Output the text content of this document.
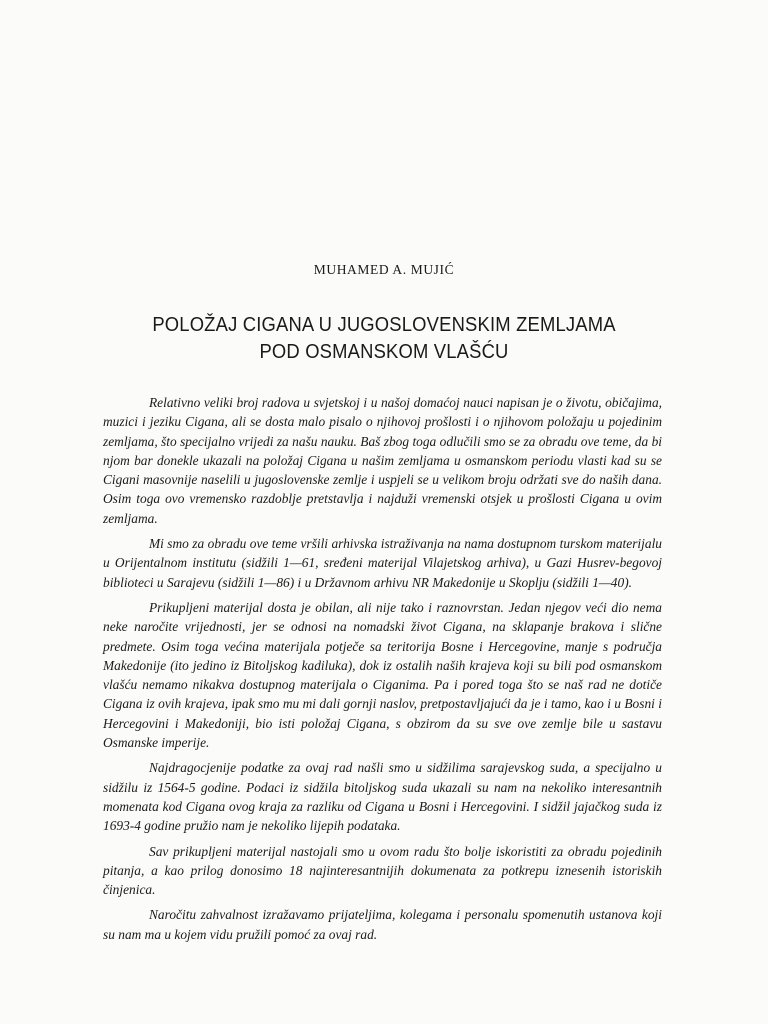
MUHAMED A. MUJIĆ
POLOŽAJ CIGANA U JUGOSLOVENSKIM ZEMLJAMA
POD OSMANSKOM VLAŠĆU

Relativno veliki broj radova u svjetskoj i u našoj domaćoj nauci napisan je o životu, običajima, muzici i jeziku Cigana, ali se dosta malo pisalo o njihovoj prošlosti i o njihovom položaju u pojedinim zemljama, što specijalno vrijedi za našu nauku. Baš zbog toga odlučili smo se za obradu ove teme, da bi njom bar donekle ukazali na položaj Cigana u našim zemljama u osmanskom periodu vlasti kad su se Cigani masovnije naselili u jugoslovenske zemlje i uspjeli se u velikom broju održati sve do naših dana. Osim toga ovo vremensko razdoblje pretstavlja i najduži vremenski otsjek u prošlosti Cigana u ovim zemljama.

Mi smo za obradu ove teme vršili arhivska istraživanja na nama dostupnom turskom materijalu u Orijentalnom institutu (sidžili 1—61, sređeni materijal Vilajetskog arhiva), u Gazi Husrev-begovoj biblioteci u Sarajevu (sidžili 1—86) i u Državnom arhivu NR Makedonije u Skoplju (sidžili 1—40).

Prikupljeni materijal dosta je obilan, ali nije tako i raznovrstan. Jedan njegov veći dio nema neke naročite vrijednosti, jer se odnosi na nomadski život Cigana, na sklapanje brakova i slične predmete. Osim toga većina materijala potječe sa teritorija Bosne i Hercegovine, manje s područja Makedonije (ito jedino iz Bitoljskog kadiluka), dok iz ostalih naših krajeva koji su bili pod osmanskom vlašću nemamo nikakva dostupnog materijala o Ciganima. Pa i pored toga što se naš rad ne dotiče Cigana iz ovih krajeva, ipak smo mu mi dali gornji naslov, pretpostavljajući da je i tamo, kao i u Bosni i Hercegovini i Makedoniji, bio isti položaj Cigana, s obzirom da su sve ove zemlje bile u sastavu Osmanske imperije.

Najdragocjenije podatke za ovaj rad našli smo u sidžilima sarajevskog suda, a specijalno u sidžilu iz 1564-5 godine. Podaci iz sidžila bitoljskog suda ukazali su nam na nekoliko interesantnih momenata kod Cigana ovog kraja za razliku od Cigana u Bosni i Hercegovini. I sidžil jajačkog suda iz 1693-4 godine pružio nam je nekoliko lijepih podataka.

Sav prikupljeni materijal nastojali smo u ovom radu što bolje iskoristiti za obradu pojedinih pitanja, a kao prilog donosimo 18 najinteresantnijih dokumenata za potkrepu iznesenih istoriskih činjenica.

Naročitu zahvalnost izražavamo prijateljima, kolegama i personalu spomenutih ustanova koji su nam ma u kojem vidu pružili pomoć za ovaj rad.
